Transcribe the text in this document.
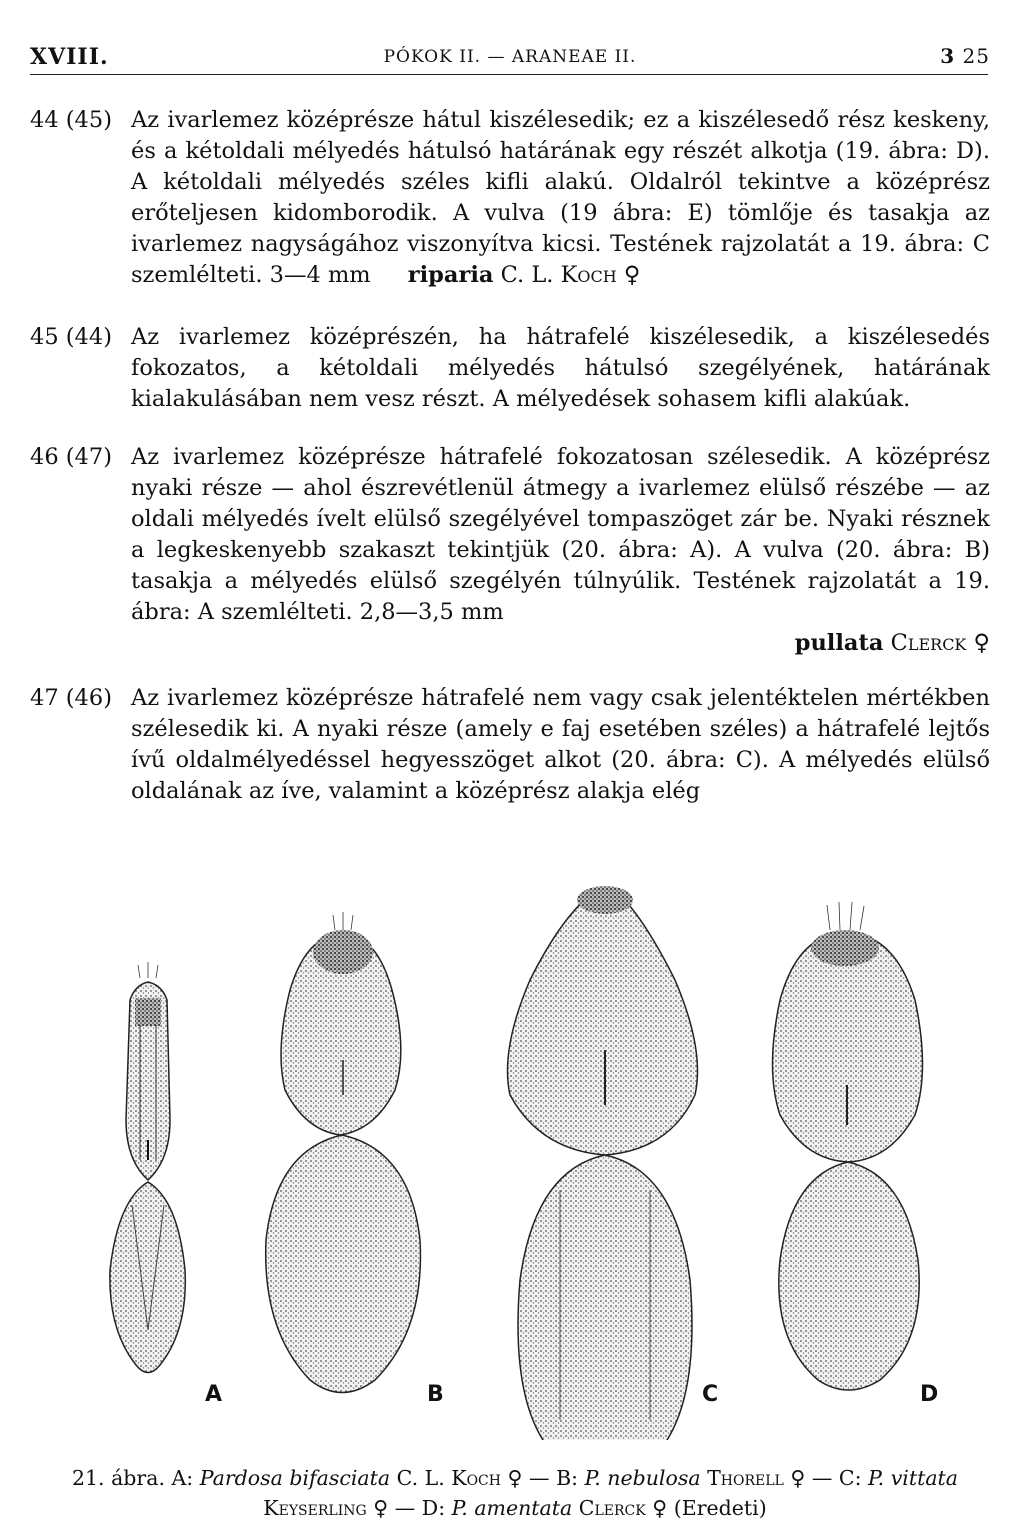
XVIII.	PÓKOK II. — ARANEAE II.	3 25
44 (45) Az ivarlemez középrésze hátul kiszélesedik; ez a kiszélesedő rész keskeny, és a kétoldali mélyedés hátulsó határának egy részét alkotja (19. ábra: D). A kétoldali mélyedés széles kifli alakú. Oldalról tekintve a középrész erőteljesen kidomborodik. A vulva (19 ábra: E) tömlője és tasakja az ivarlemez nagyságához viszonyítva kicsi. Testének rajzolatát a 19. ábra: C szemlélteti. 3—4 mm riparia C. L. Koch ♀
45 (44) Az ivarlemez középrészén, ha hátrafelé kiszélesedik, a kiszélesedés fokozatos, a kétoldali mélyedés hátulsó szegélyének, határának kialakulásában nem vesz részt. A mélyedések sohasem kifli alakúak.
46 (47) Az ivarlemez középrésze hátrafelé fokozatosan szélesedik. A középrész nyaki része — ahol észrevétlenül átmegy a ivarlemez elülső részébe — az oldali mélyedés ívelt elülső szegélyével tompaszöget zár be. Nyaki résznek a legkeskenyebb szakaszt tekintjük (20. ábra: A). A vulva (20. ábra: B) tasakja a mélyedés elülső szegélyén túlnyúlik. Testének rajzolatát a 19. ábra: A szemlélteti. 2,8—3,5 mm
pullata Clerck ♀
47 (46) Az ivarlemez középrésze hátrafelé nem vagy csak jelentéktelen mértékben szélesedik ki. A nyaki része (amely e faj esetében széles) a hátrafelé lejtős ívű oldalmélyedéssel hegyesszöget alkot (20. ábra: C). A mélyedés elülső oldalának az íve, valamint a középrész alakja elég
A	B	C	D
21. ábra. A: Pardosa bifasciata C. L. Koch ♀ — B: P. nebulosa Thorell ♀ — C: P. vittata
Keyserling ♀ — D: P. amentata Clerck ♀ (Eredeti)
